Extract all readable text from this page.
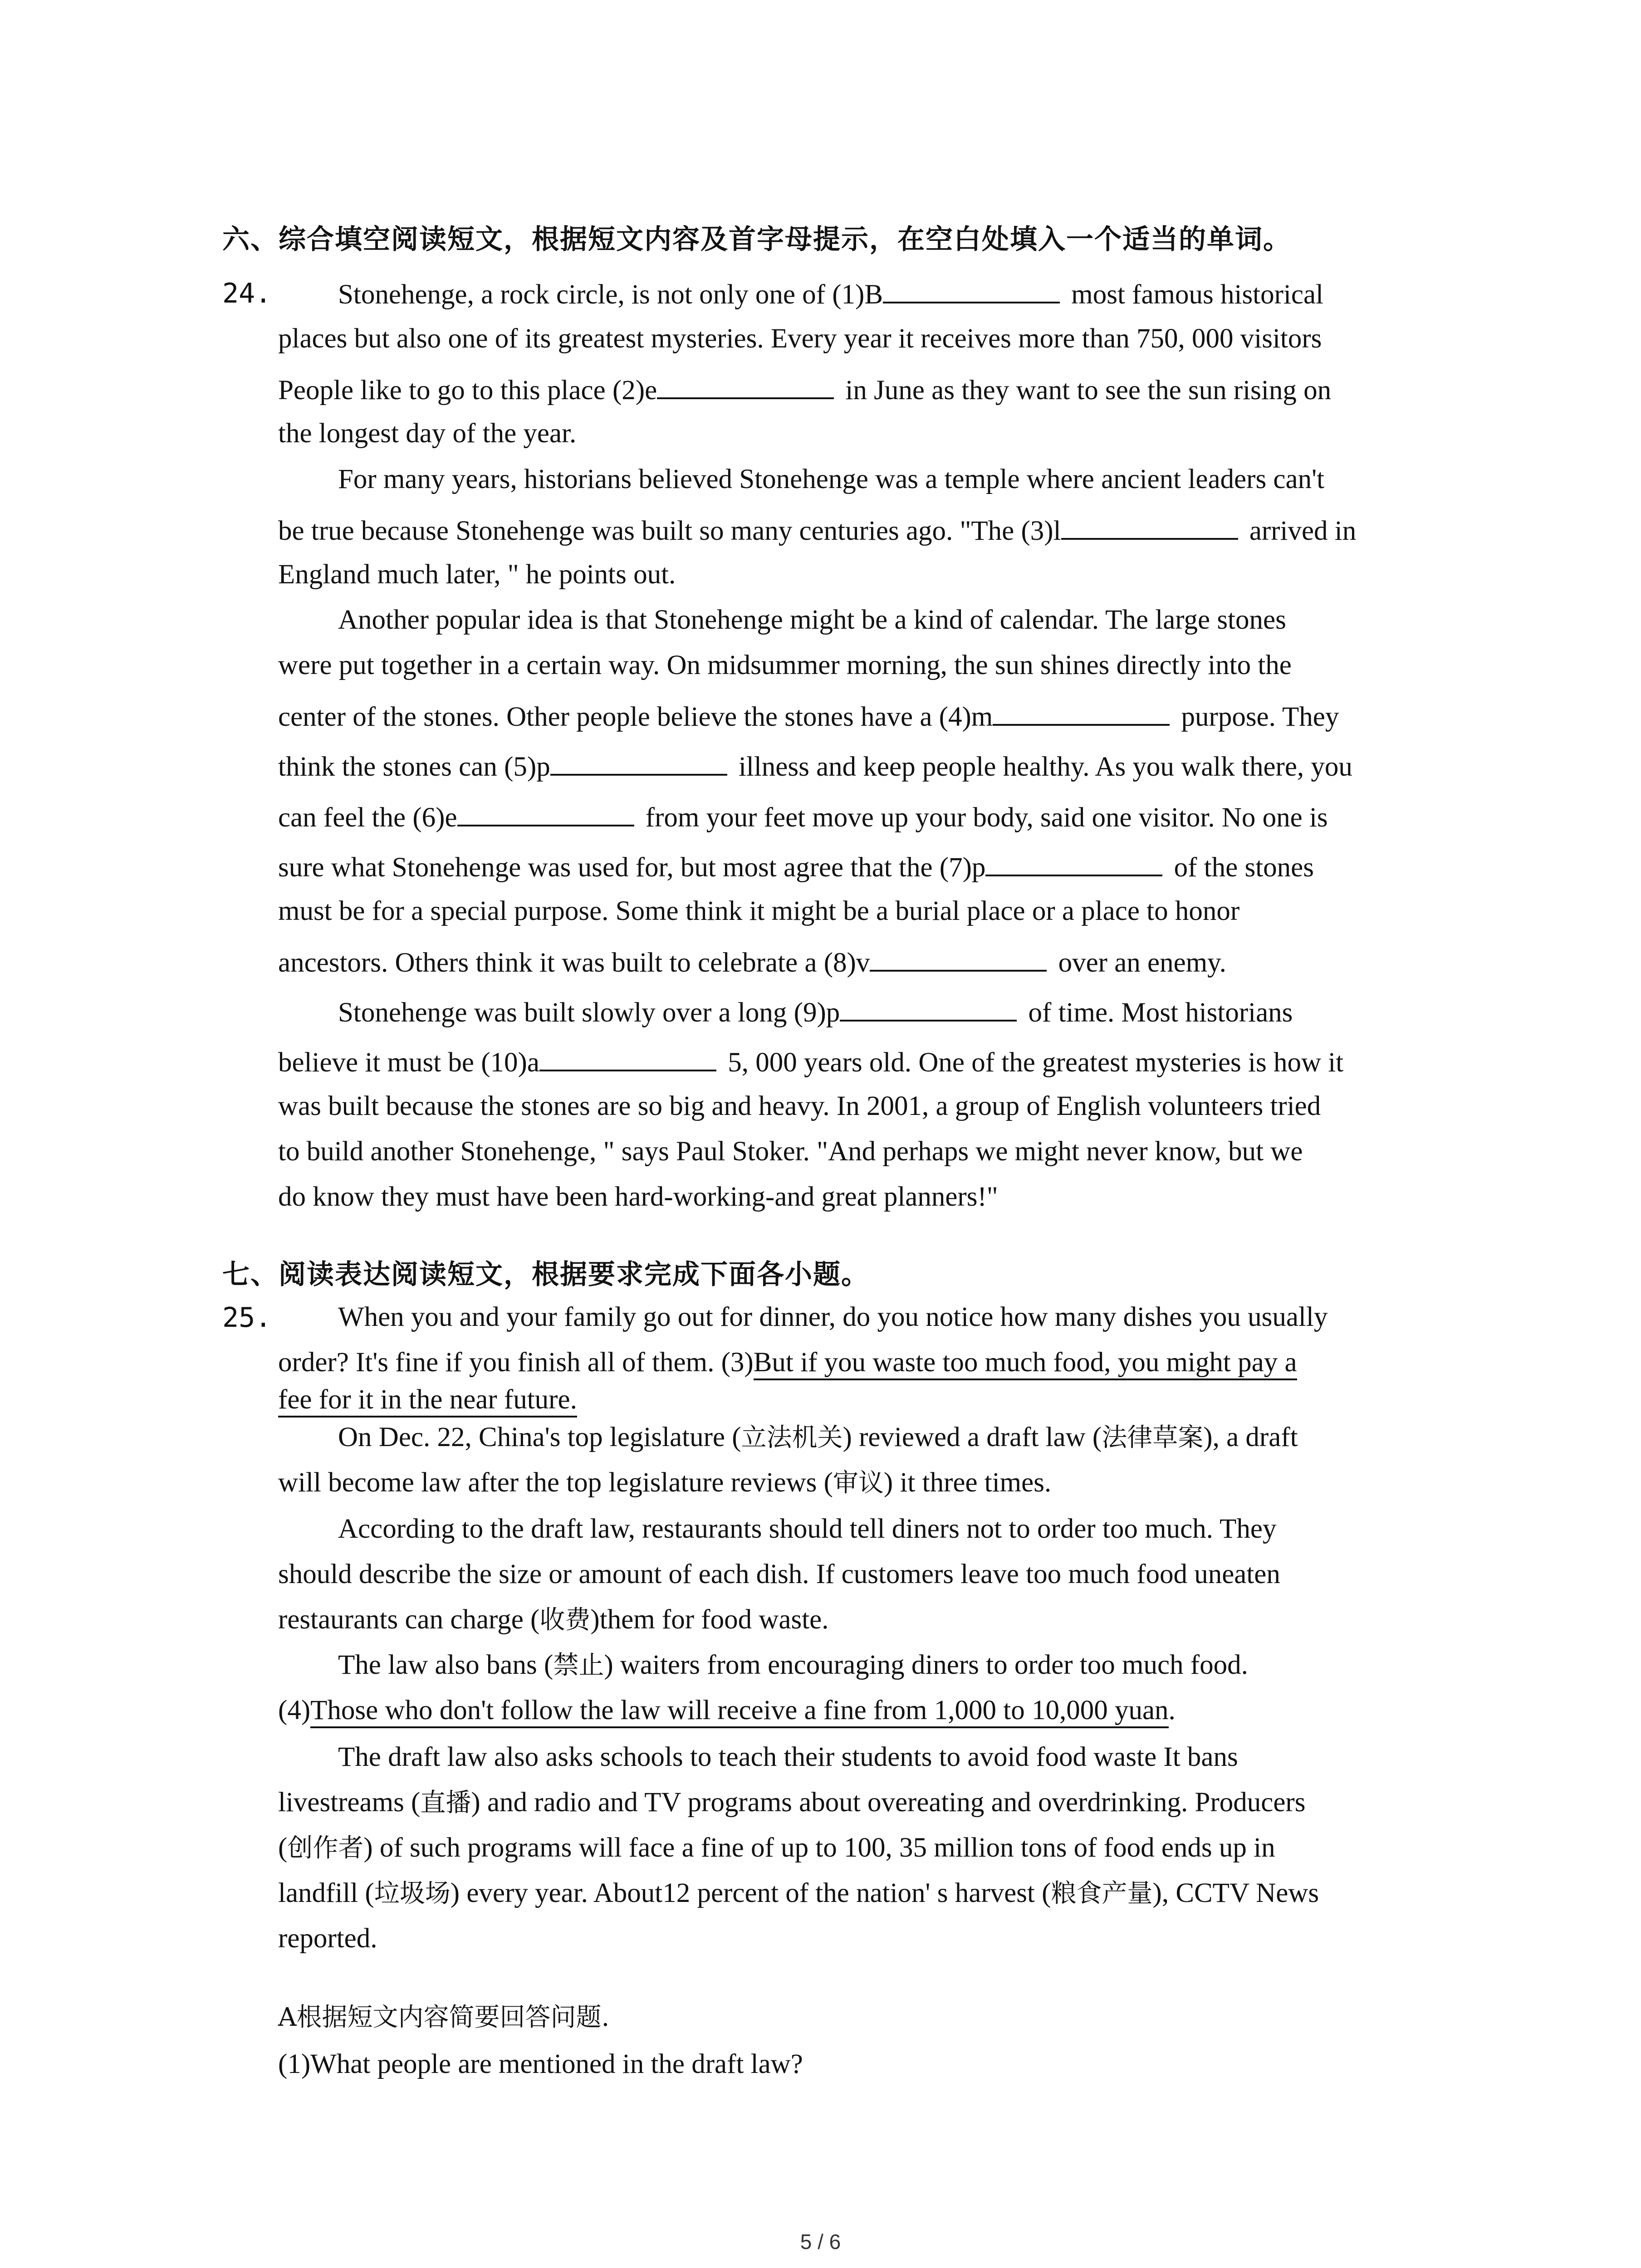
六、综合填空阅读短文，根据短文内容及首字母提示，在空白处填入一个适当的单词。
24. Stonehenge, a rock circle, is not only one of (1)B	most famous historical
places but also one of its greatest mysteries. Every year it receives more than 750, 000 visitors
People like to go to this place (2)e	in June as they want to see the sun rising on
the longest day of the year.
For many years, historians believed Stonehenge was a temple where ancient leaders can't
be true because Stonehenge was built so many centuries ago. "The (3)l	arrived in
England much later, " he points out.
Another popular idea is that Stonehenge might be a kind of calendar. The large stones
were put together in a certain way. On midsummer morning, the sun shines directly into the
center of the stones. Other people believe the stones have a (4)m	purpose. They
think the stones can (5)p	illness and keep people healthy. As you walk there, you
can feel the (6)e	from your feet move up your body, said one visitor. No one is
sure what Stonehenge was used for, but most agree that the (7)p	of the stones
must be for a special purpose. Some think it might be a burial place or a place to honor
ancestors. Others think it was built to celebrate a (8)v	over an enemy.
Stonehenge was built slowly over a long (9)p	of time. Most historians
believe it must be (10)a	5, 000 years old. One of the greatest mysteries is how it
was built because the stones are so big and heavy. In 2001, a group of English volunteers tried
to build another Stonehenge, " says Paul Stoker. "And perhaps we might never know, but we
do know they must have been hard-working-and great planners!"
七、阅读表达阅读短文，根据要求完成下面各小题。
25. When you and your family go out for dinner, do you notice how many dishes you usually
order? It's fine if you finish all of them. (3)But if you waste too much food, you might pay a
fee for it in the near future.
On Dec. 22, China's top legislature (立法机关) reviewed a draft law (法律草案), a draft
will become law after the top legislature reviews (审议) it three times.
According to the draft law, restaurants should tell diners not to order too much. They
should describe the size or amount of each dish. If customers leave too much food uneaten
restaurants can charge (收费)them for food waste.
The law also bans (禁止) waiters from encouraging diners to order too much food.
(4)Those who don't follow the law will receive a fine from 1,000 to 10,000 yuan.
The draft law also asks schools to teach their students to avoid food waste It bans
livestreams (直播) and radio and TV programs about overeating and overdrinking. Producers
(创作者) of such programs will face a fine of up to 100, 35 million tons of food ends up in
landfill (垃圾场) every year. About12 percent of the nation' s harvest (粮食产量), CCTV News
reported.
A根据短文内容简要回答问题.
(1)What people are mentioned in the draft law?
5 / 6
